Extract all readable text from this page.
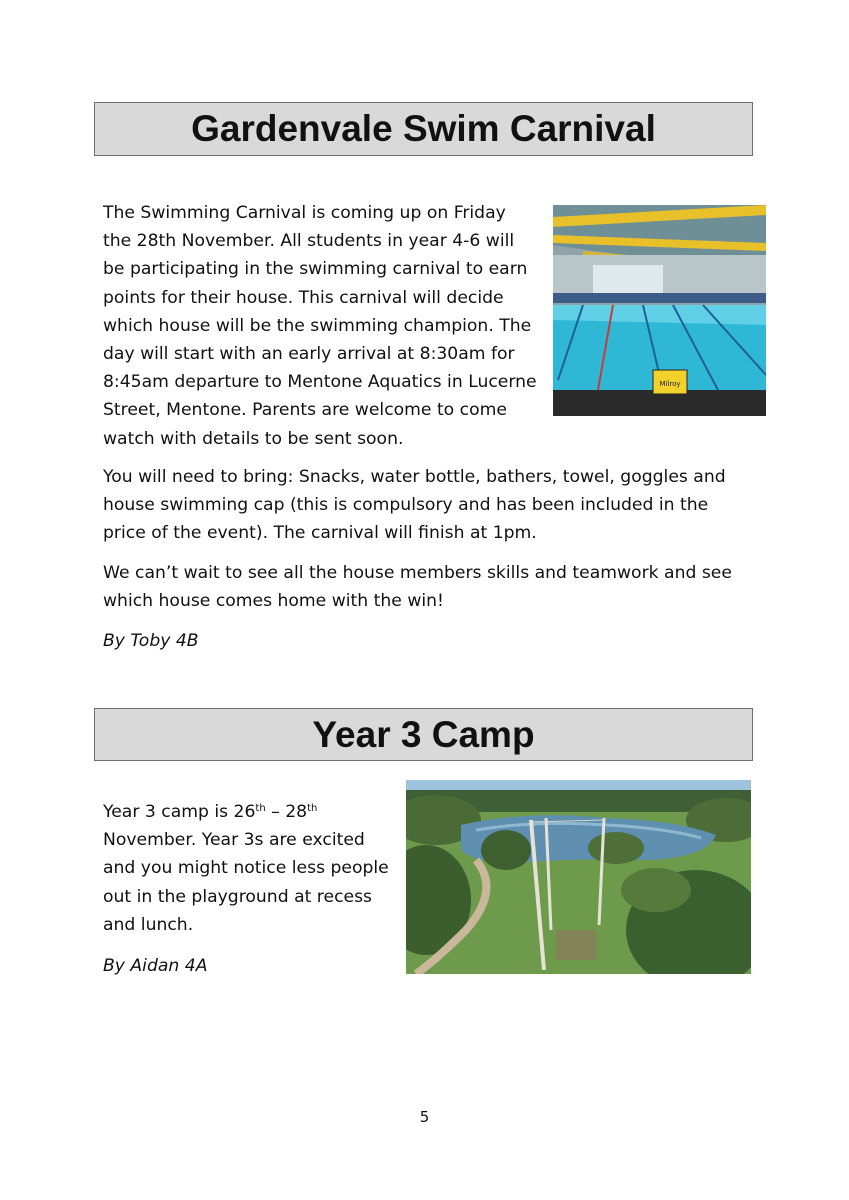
Gardenvale Swim Carnival

The Swimming Carnival is coming up on Friday the 28th November. All students in year 4-6 will be participating in the swimming carnival to earn points for their house. This carnival will decide which house will be the swimming champion. The day will start with an early arrival at 8:30am for 8:45am departure to Mentone Aquatics in Lucerne Street, Mentone. Parents are welcome to come watch with details to be sent soon.

Milroy

You will need to bring: Snacks, water bottle, bathers, towel, goggles and house swimming cap (this is compulsory and has been included in the price of the event). The carnival will finish at 1pm.

We can’t wait to see all the house members skills and teamwork and see which house comes home with the win!

By Toby 4B

Year 3 Camp

Year 3 camp is 26th – 28th November. Year 3s are excited and you might notice less people out in the playground at recess and lunch.

By Aidan 4A

5
